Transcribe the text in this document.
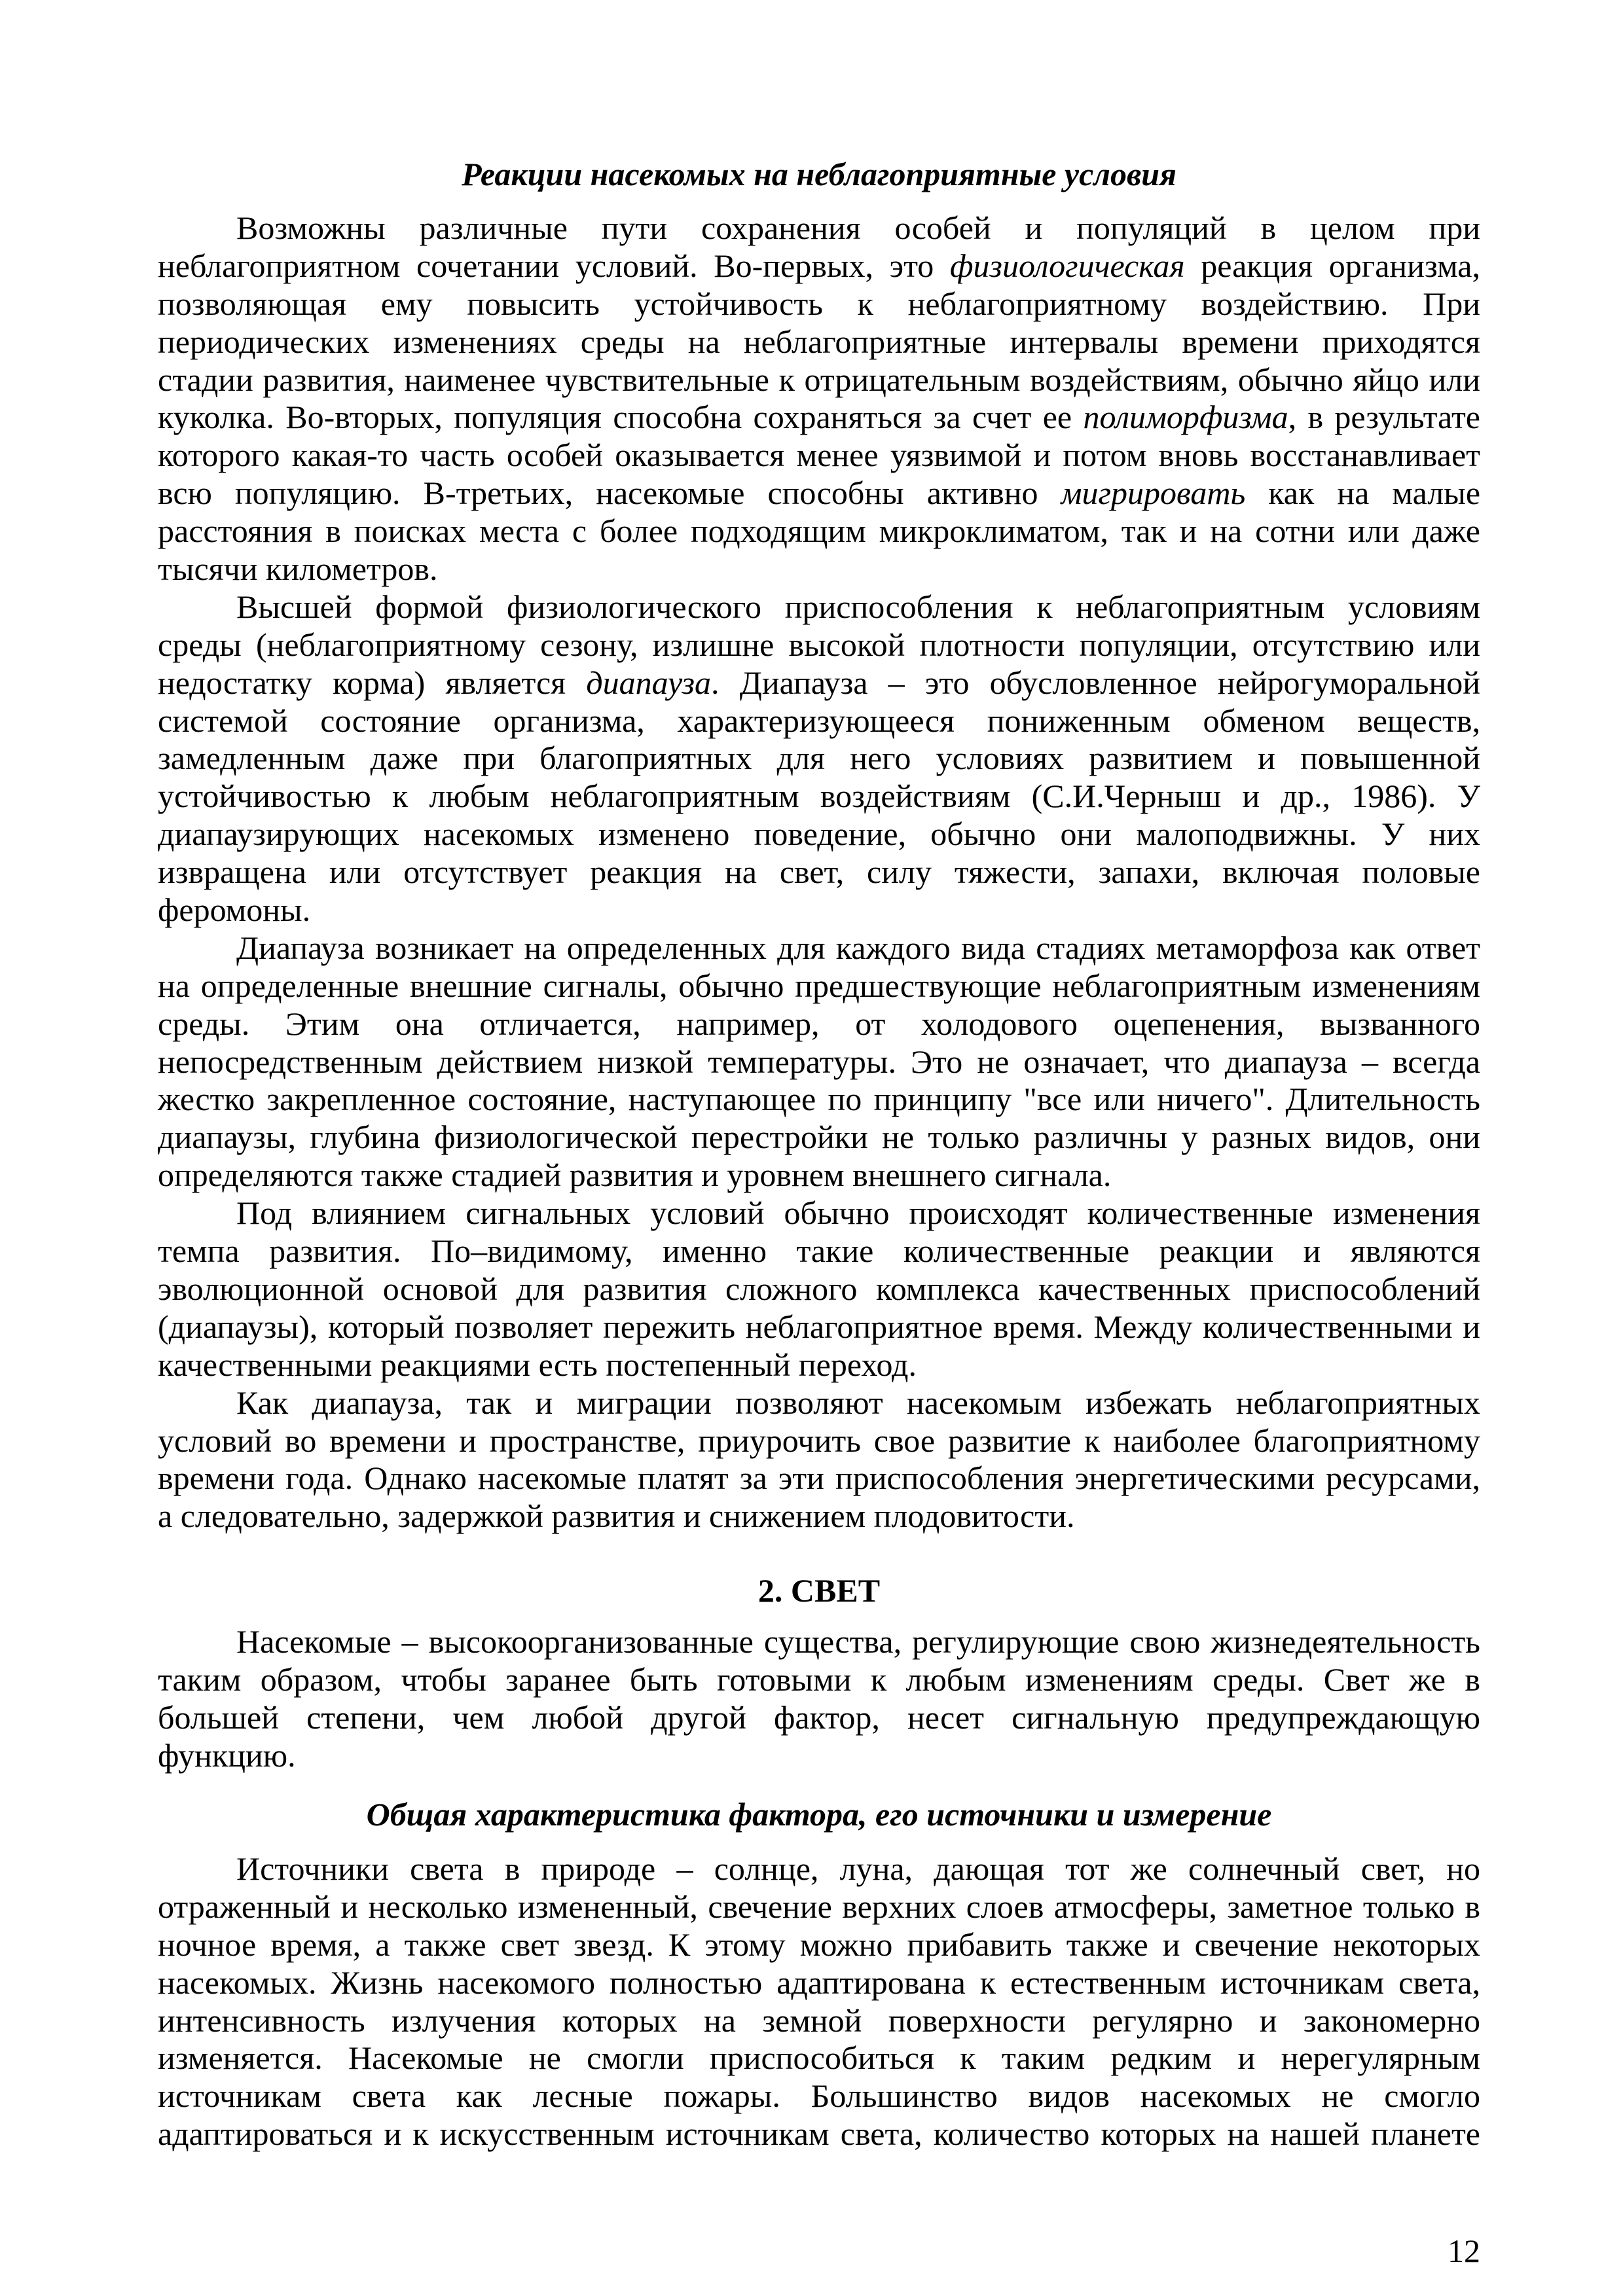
Реакции насекомых на неблагоприятные условия
Возможны различные пути сохранения особей и популяций в целом при
неблагоприятном сочетании условий. Во-первых, это физиологическая реакция организма,
позволяющая ему повысить устойчивость к неблагоприятному воздействию. При
периодических изменениях среды на неблагоприятные интервалы времени приходятся
стадии развития, наименее чувствительные к отрицательным воздействиям, обычно яйцо или
куколка. Во-вторых, популяция способна сохраняться за счет ее полиморфизма, в результате
которого какая-то часть особей оказывается менее уязвимой и потом вновь восстанавливает
всю популяцию. В-третьих, насекомые способны активно мигрировать как на малые
расстояния в поисках места с более подходящим микроклиматом, так и на сотни или даже
тысячи километров.
Высшей формой физиологического приспособления к неблагоприятным условиям
среды (неблагоприятному сезону, излишне высокой плотности популяции, отсутствию или
недостатку корма) является диапауза. Диапауза – это обусловленное нейрогуморальной
системой состояние организма, характеризующееся пониженным обменом веществ,
замедленным даже при благоприятных для него условиях развитием и повышенной
устойчивостью к любым неблагоприятным воздействиям (С.И.Черныш и др., 1986). У
диапаузирующих насекомых изменено поведение, обычно они малоподвижны. У них
извращена или отсутствует реакция на свет, силу тяжести, запахи, включая половые
феромоны.
Диапауза возникает на определенных для каждого вида стадиях метаморфоза как ответ
на определенные внешние сигналы, обычно предшествующие неблагоприятным изменениям
среды. Этим она отличается, например, от холодового оцепенения, вызванного
непосредственным действием низкой температуры. Это не означает, что диапауза – всегда
жестко закрепленное состояние, наступающее по принципу "все или ничего". Длительность
диапаузы, глубина физиологической перестройки не только различны у разных видов, они
определяются также стадией развития и уровнем внешнего сигнала.
Под влиянием сигнальных условий обычно происходят количественные изменения
темпа развития. По–видимому, именно такие количественные реакции и являются
эволюционной основой для развития сложного комплекса качественных приспособлений
(диапаузы), который позволяет пережить неблагоприятное время. Между количественными и
качественными реакциями есть постепенный переход.
Как диапауза, так и миграции позволяют насекомым избежать неблагоприятных
условий во времени и пространстве, приурочить свое развитие к наиболее благоприятному
времени года. Однако насекомые платят за эти приспособления энергетическими ресурсами,
а следовательно, задержкой развития и снижением плодовитости.
2. СВЕТ
Насекомые – высокоорганизованные существа, регулирующие свою жизнедеятельность
таким образом, чтобы заранее быть готовыми к любым изменениям среды. Свет же в
большей степени, чем любой другой фактор, несет сигнальную предупреждающую
функцию.
Общая характеристика фактора, его источники и измерение
Источники света в природе – солнце, луна, дающая тот же солнечный свет, но
отраженный и несколько измененный, свечение верхних слоев атмосферы, заметное только в
ночное время, а также свет звезд. К этому можно прибавить также и свечение некоторых
насекомых. Жизнь насекомого полностью адаптирована к естественным источникам света,
интенсивность излучения которых на земной поверхности регулярно и закономерно
изменяется. Насекомые не смогли приспособиться к таким редким и нерегулярным
источникам света как лесные пожары. Большинство видов насекомых не смогло
адаптироваться и к искусственным источникам света, количество которых на нашей планете
12
